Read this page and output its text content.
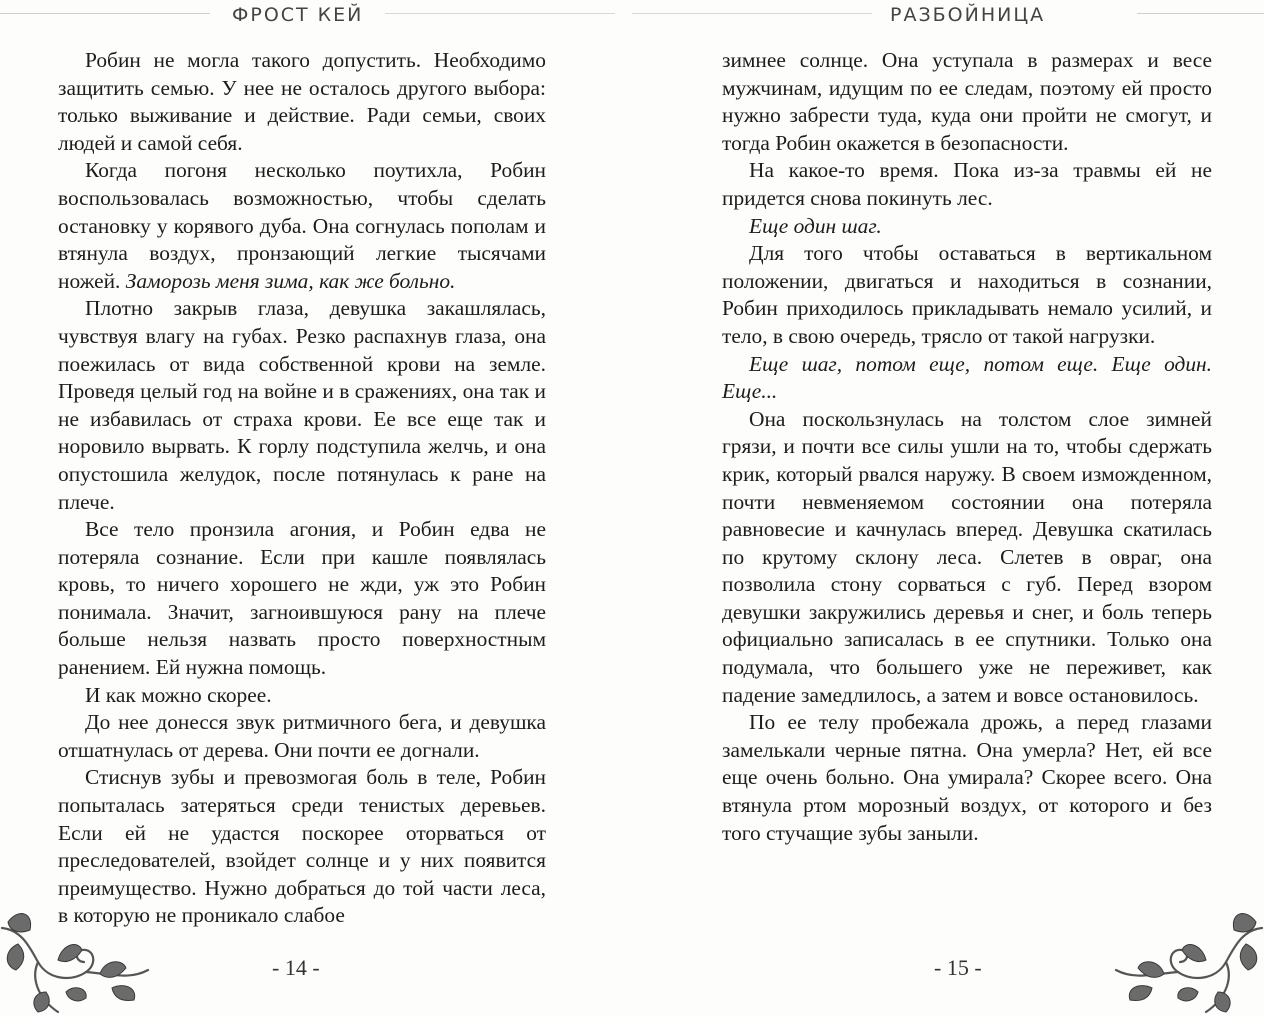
ФРОСТ КЕЙ

Робин не могла такого допустить. Необходимо защитить семью. У нее не осталось другого выбора: только выживание и действие. Ради семьи, своих людей и самой себя.

Когда погоня несколько поутихла, Робин воспользовалась возможностью, чтобы сделать остановку у корявого дуба. Она согнулась пополам и втянула воздух, пронзающий легкие тысячами ножей. Заморозь меня зима, как же больно.

Плотно закрыв глаза, девушка закашлялась, чувствуя влагу на губах. Резко распахнув глаза, она поежилась от вида собственной крови на земле. Проведя целый год на войне и в сражениях, она так и не избавилась от страха крови. Ее все еще так и норовило вырвать. К горлу подступила желчь, и она опустошила желудок, после потянулась к ране на плече.

Все тело пронзила агония, и Робин едва не потеряла сознание. Если при кашле появлялась кровь, то ничего хорошего не жди, уж это Робин понимала. Значит, загноившуюся рану на плече больше нельзя назвать просто поверхностным ранением. Ей нужна помощь.

И как можно скорее.

До нее донесся звук ритмичного бега, и девушка отшатнулась от дерева. Они почти ее догнали.

Стиснув зубы и превозмогая боль в теле, Робин попыталась затеряться среди тенистых деревьев. Если ей не удастся поскорее оторваться от преследователей, взойдет солнце и у них появится преимущество. Нужно добраться до той части леса, в которую не проникало слабое

- 14 -
РАЗБОЙНИЦА

зимнее солнце. Она уступала в размерах и весе мужчинам, идущим по ее следам, поэтому ей просто нужно забрести туда, куда они пройти не смогут, и тогда Робин окажется в безопасности.

На какое-то время. Пока из-за травмы ей не придется снова покинуть лес.

Еще один шаг.

Для того чтобы оставаться в вертикальном положении, двигаться и находиться в сознании, Робин приходилось прикладывать немало усилий, и тело, в свою очередь, трясло от такой нагрузки.

Еще шаг, потом еще, потом еще. Еще один. Еще...

Она поскользнулась на толстом слое зимней грязи, и почти все силы ушли на то, чтобы сдержать крик, который рвался наружу. В своем изможденном, почти невменяемом состоянии она потеряла равновесие и качнулась вперед. Девушка скатилась по крутому склону леса. Слетев в овраг, она позволила стону сорваться с губ. Перед взором девушки закружились деревья и снег, и боль теперь официально записалась в ее спутники. Только она подумала, что большего уже не переживет, как падение замедлилось, а затем и вовсе остановилось.

По ее телу пробежала дрожь, а перед глазами замелькали черные пятна. Она умерла? Нет, ей все еще очень больно. Она умирала? Скорее всего. Она втянула ртом морозный воздух, от которого и без того стучащие зубы заныли.

- 15 -
